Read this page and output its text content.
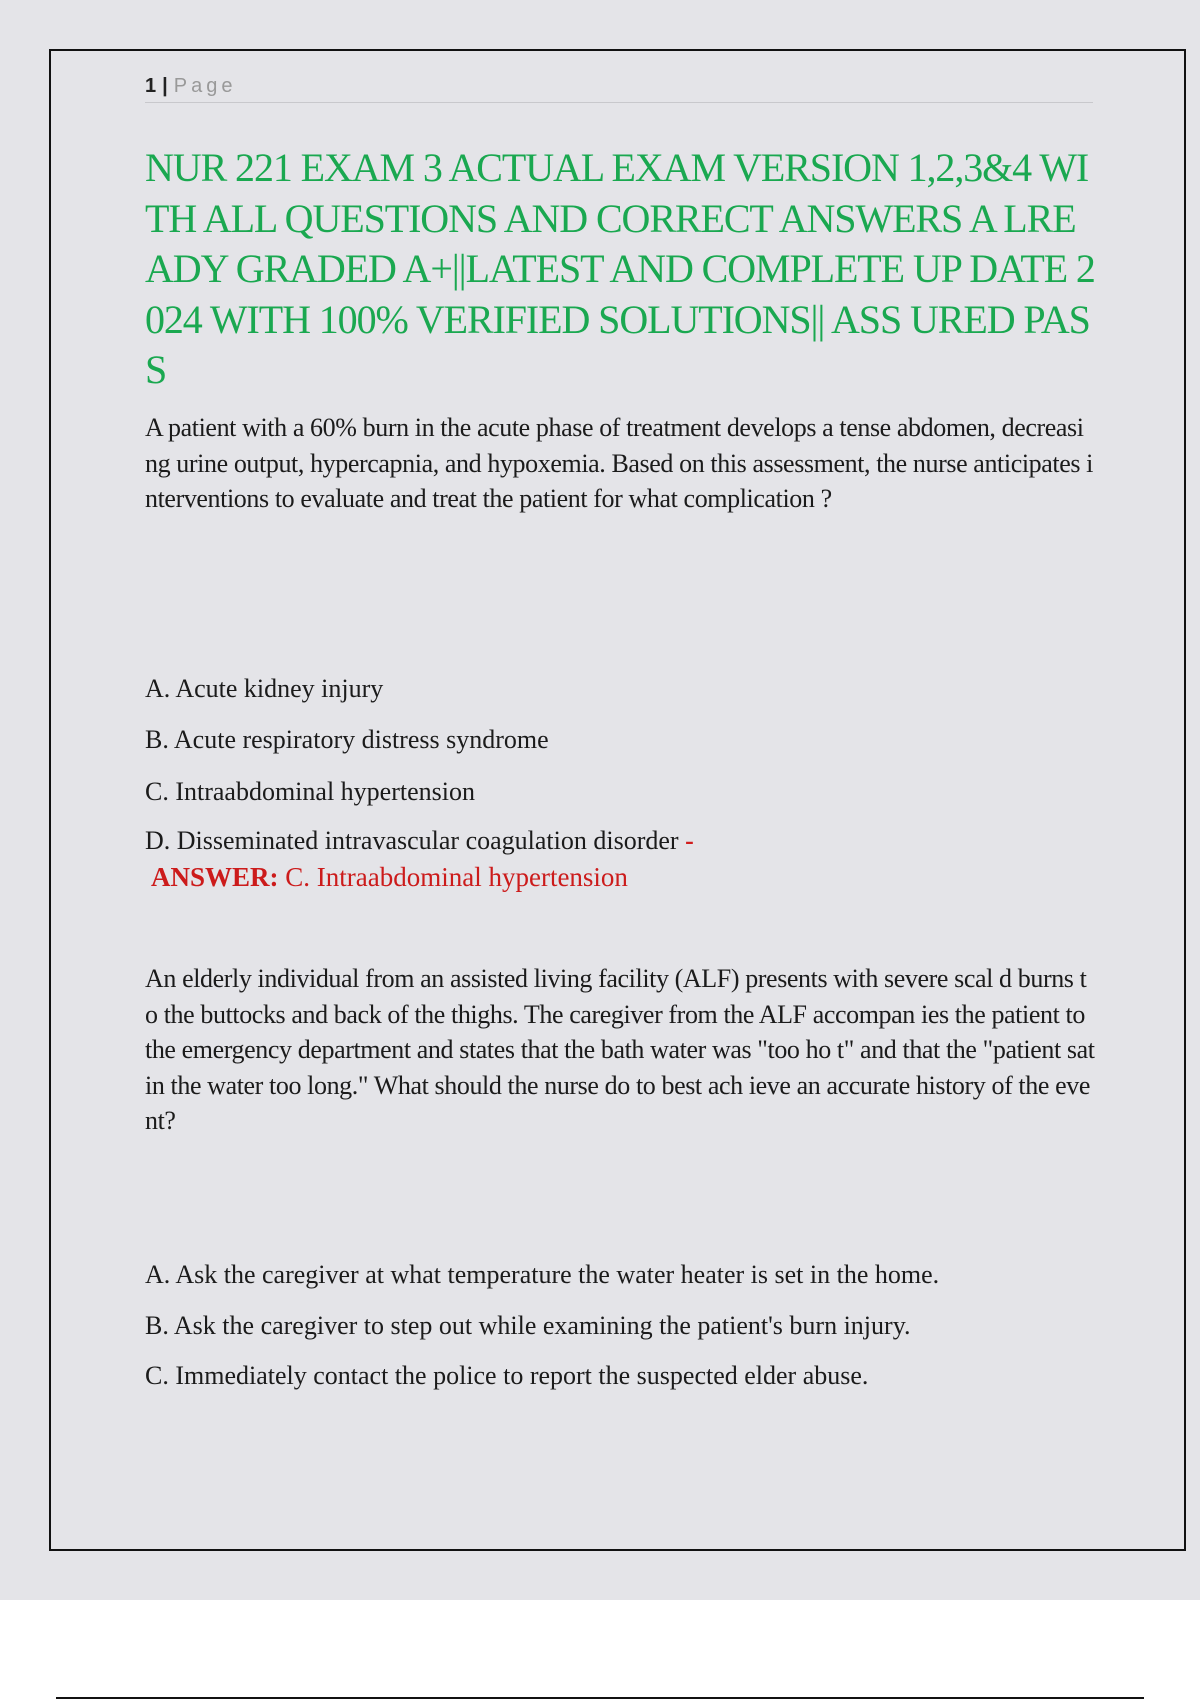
1 | Page
NUR 221 EXAM 3 ACTUAL EXAM VERSION 1,2,3&4 WITH ALL QUESTIONS AND CORRECT ANSWERS A LREADY GRADED A+||LATEST AND COMPLETE UP DATE 2024 WITH 100% VERIFIED SOLUTIONS|| ASS URED PASS

A patient with a 60% burn in the acute phase of treatment develops a tense abdomen, decreasing urine output, hypercapnia, and hypoxemia. Based on this assessment, the nurse anticipates interventions to evaluate and treat the patient for what complication ?

A. Acute kidney injury

B. Acute respiratory distress syndrome

C. Intraabdominal hypertension

D. Disseminated intravascular coagulation disorder -

ANSWER: C. Intraabdominal hypertension

An elderly individual from an assisted living facility (ALF) presents with severe scal d burns to the buttocks and back of the thighs. The caregiver from the ALF accompan ies the patient to the emergency department and states that the bath water was "too ho t" and that the "patient sat in the water too long." What should the nurse do to best ach ieve an accurate history of the event?

A. Ask the caregiver at what temperature the water heater is set in the home.

B. Ask the caregiver to step out while examining the patient's burn injury.

C. Immediately contact the police to report the suspected elder abuse.
